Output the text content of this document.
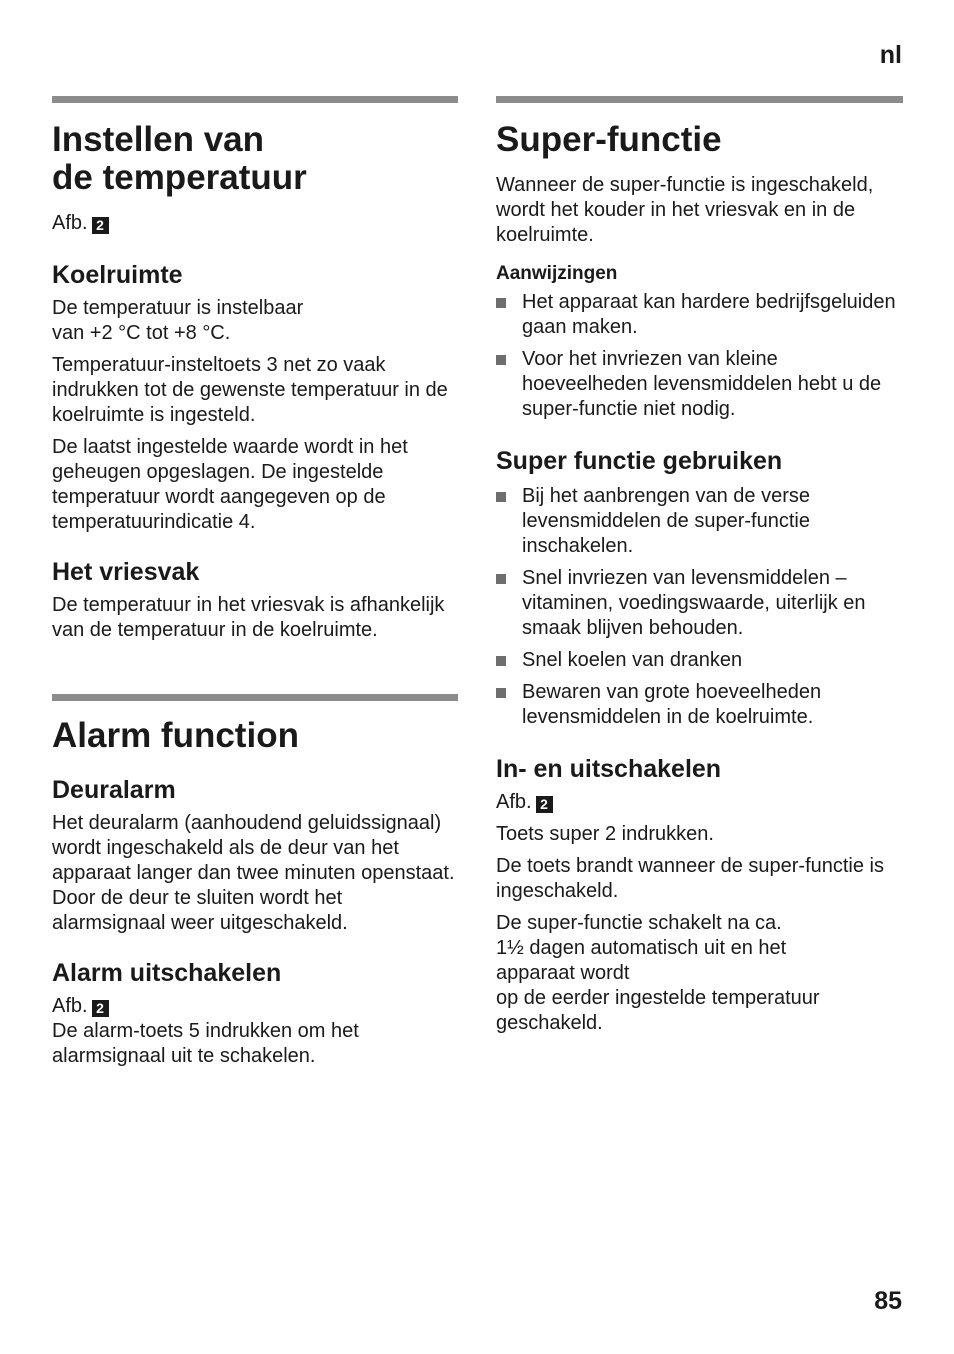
nl
Instellen van
de temperatuur
Afb. 2
Koelruimte
De temperatuur is instelbaar
van +2 °C tot +8 °C.
Temperatuur-insteltoets 3 net zo vaak indrukken tot de gewenste temperatuur in de koelruimte is ingesteld.
De laatst ingestelde waarde wordt in het geheugen opgeslagen. De ingestelde temperatuur wordt aangegeven op de temperatuurindicatie 4.
Het vriesvak
De temperatuur in het vriesvak is afhankelijk van de temperatuur in de koelruimte.
Alarm function
Deuralarm
Het deuralarm (aanhoudend geluidssignaal) wordt ingeschakeld als de deur van het apparaat langer dan twee minuten openstaat. Door de deur te sluiten wordt het alarmsignaal weer uitgeschakeld.
Alarm uitschakelen
Afb. 2
De alarm-toets 5 indrukken om het alarmsignaal uit te schakelen.
Super-functie
Wanneer de super-functie is ingeschakeld, wordt het kouder in het vriesvak en in de koelruimte.
Aanwijzingen
Het apparaat kan hardere bedrijfsgeluiden gaan maken.
Voor het invriezen van kleine hoeveelheden levensmiddelen hebt u de super-functie niet nodig.
Super functie gebruiken
Bij het aanbrengen van de verse levensmiddelen de super-functie inschakelen.
Snel invriezen van levensmiddelen – vitaminen, voedingswaarde, uiterlijk en smaak blijven behouden.
Snel koelen van dranken
Bewaren van grote hoeveelheden levensmiddelen in de koelruimte.
In- en uitschakelen
Afb. 2
Toets super 2 indrukken.
De toets brandt wanneer de super-functie is ingeschakeld.
De super-functie schakelt na ca.
1½ dagen automatisch uit en het
apparaat wordt
op de eerder ingestelde temperatuur
geschakeld.
85
